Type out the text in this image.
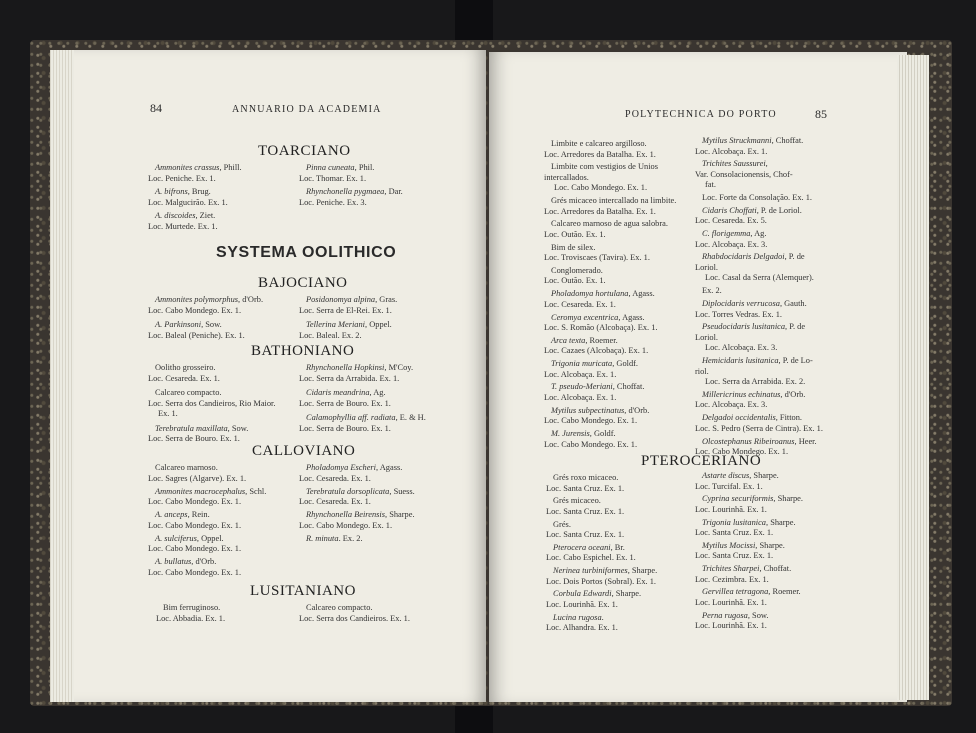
84	ANNUARIO DA ACADEMIA
TOARCIANO
Ammonites crassus, Phill.
Loc. Peniche. Ex. 1.
A. bifrons, Brug.
Loc. Malgucirão. Ex. 1.
A. discoides, Ziet.
Loc. Murtede. Ex. 1.
Pinna cuneata, Phil.
Loc. Thomar. Ex. 1.
Rhynchonella pygmaea, Dar.
Loc. Peniche. Ex. 3.
SYSTEMA OOLITHICO
BAJOCIANO
Ammonites polymorphus, d'Orb.
Loc. Cabo Mondego. Ex. 1.
A. Parkinsoni, Sow.
Loc. Baleal (Peniche). Ex. 1.
Posidonomya alpina, Gras.
Loc. Serra de El-Rei. Ex. 1.
Tellerina Meriani, Oppel.
Loc. Baleal. Ex. 2.
BATHONIANO
Oolitho grosseiro.
Loc. Cesareda. Ex. 1.
Calcareo compacto.
Loc. Serra dos Candieiros, Rio Maior.
Ex. 1.
Terebratula maxillata, Sow.
Loc. Serra de Bouro. Ex. 1.
Rhynchonella Hopkinsi, M'Coy.
Loc. Serra da Arrabida. Ex. 1.
Cidaris meandrina, Ag.
Loc. Serra de Bouro. Ex. 1.
Calamophyllia aff. radiata, E. & H.
Loc. Serra de Bouro. Ex. 1.
CALLOVIANO
Calcareo marnoso.
Loc. Sagres (Algarve). Ex. 1.
Ammonites macrocephalus, Schl.
Loc. Cabo Mondego. Ex. 1.
A. anceps, Rein.
Loc. Cabo Mondego. Ex. 1.
A. sulciferus, Oppel.
Loc. Cabo Mondego. Ex. 1.
A. bullatus, d'Orb.
Loc. Cabo Mondego. Ex. 1.
Pholadomya Escheri, Agass.
Loc. Cesareda. Ex. 1.
Terebratula dorsoplicata, Suess.
Loc. Cesareda. Ex. 1.
Rhynchonella Beirensis, Sharpe.
Loc. Cabo Mondego. Ex. 1.
R. minuta. Ex. 2.
LUSITANIANO
Bim ferruginoso.
Loc. Abbadia. Ex. 1.
Calcareo compacto.
Loc. Serra dos Candieiros. Ex. 1.
POLYTECHNICA DO PORTO	85
Limbite e calcareo argilloso.
Loc. Arredores da Batalha. Ex. 1.
Limbite com vestigios de Unios
intercallados.
Loc. Cabo Mondego. Ex. 1.
Grés micaceo intercallado na limbite.
Loc. Arredores da Batalha. Ex. 1.
Calcareo marnoso de agua salobra.
Loc. Outão. Ex. 1.
Bim de silex.
Loc. Troviscaes (Tavira). Ex. 1.
Conglomerado.
Loc. Outão. Ex. 1.
Pholadomya hortulana, Agass.
Loc. Cesareda. Ex. 1.
Ceromya excentrica, Agass.
Loc. S. Romão (Alcobaça). Ex. 1.
Arca texta, Roemer.
Loc. Cazaes (Alcobaça). Ex. 1.
Trigonia muricata, Goldf.
Loc. Alcobaça. Ex. 1.
T. pseudo-Meriani, Choffat.
Loc. Alcobaça. Ex. 1.
Mytilus subpectinatus, d'Orb.
Loc. Cabo Mondego. Ex. 1.
M. Jurensis, Goldf.
Loc. Cabo Mondego. Ex. 1.
Mytilus Struckmanni, Choffat.
Loc. Alcobaça. Ex. 1.
Trichites Saussurei,
Var. Consolacionensis, Chof-
fat.
Loc. Forte da Consolação. Ex. 1.
Cidaris Choffati, P. de Loriol.
Loc. Cesareda. Ex. 5.
C. florigemma, Ag.
Loc. Alcobaça. Ex. 3.
Rhabdocidaris Delgadoi, P. de
Loriol.
Loc. Casal da Serra (Alemquer).
Ex. 2.
Diplocidaris verrucosa, Gauth.
Loc. Torres Vedras. Ex. 1.
Pseudocidaris lusitanica, P. de
Loriol.
Loc. Alcobaça. Ex. 3.
Hemicidaris lusitanica, P. de Lo-
riol.
Loc. Serra da Arrabida. Ex. 2.
Millericrinus echinatus, d'Orb.
Loc. Alcobaça. Ex. 3.
Delgadoi occidentalis, Fitton.
Loc. S. Pedro (Serra de Cintra). Ex. 1.
Olcostephanus Ribeiroanus, Heer.
Loc. Cabo Mondego. Ex. 1.
PTEROCERIANO
Grés roxo micaceo.
Loc. Santa Cruz. Ex. 1.
Grés micaceo.
Loc. Santa Cruz. Ex. 1.
Grés.
Loc. Santa Cruz. Ex. 1.
Pterocera oceani, Br.
Loc. Cabo Espichel. Ex. 1.
Nerinea turbiniformes, Sharpe.
Loc. Dois Portos (Sobral). Ex. 1.
Corbula Edwardi, Sharpe.
Loc. Lourinhã. Ex. 1.
Lucina rugosa.
Loc. Alhandra. Ex. 1.
Astarte discus, Sharpe.
Loc. Turcifal. Ex. 1.
Cyprina securiformis, Sharpe.
Loc. Lourinhã. Ex. 1.
Trigonia lusitanica, Sharpe.
Loc. Santa Cruz. Ex. 1.
Mytilus Mocissi, Sharpe.
Loc. Santa Cruz. Ex. 1.
Trichites Sharpei, Choffat.
Loc. Cezimbra. Ex. 1.
Gervillea tetragona, Roemer.
Loc. Lourinhã. Ex. 1.
Perna rugosa, Sow.
Loc. Lourinhã. Ex. 1.
